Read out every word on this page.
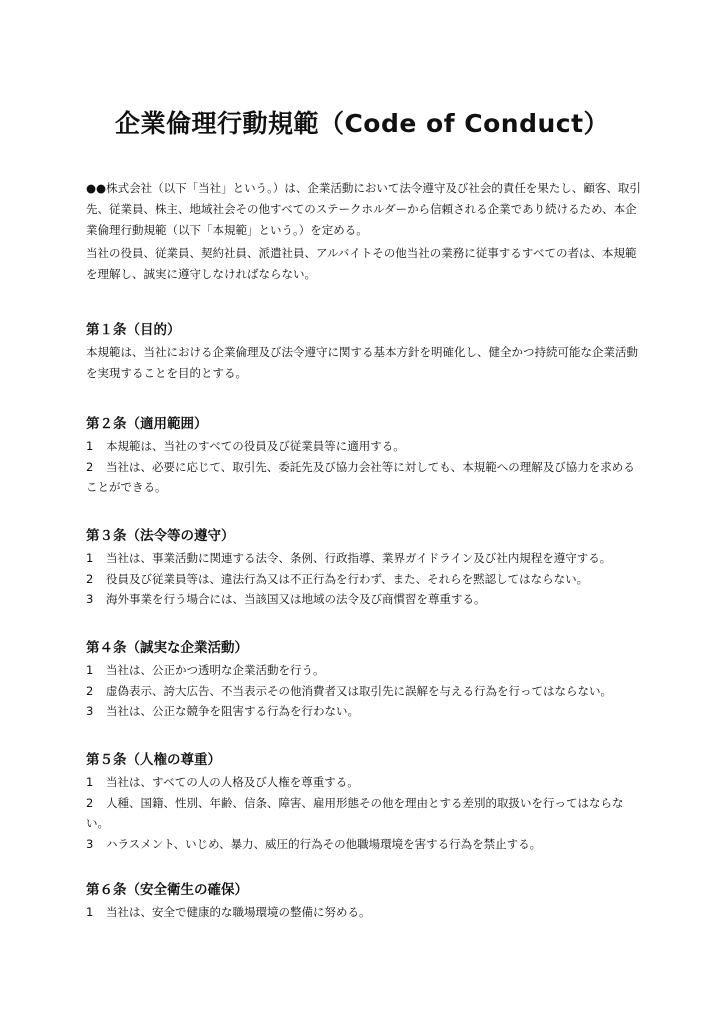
企業倫理行動規範（Code of Conduct）

●●株式会社（以下「当社」という。）は、企業活動において法令遵守及び社会的責任を果たし、顧客、取引先、従業員、株主、地域社会その他すべてのステークホルダーから信頼される企業であり続けるため、本企業倫理行動規範（以下「本規範」という。）を定める。

当社の役員、従業員、契約社員、派遣社員、アルバイトその他当社の業務に従事するすべての者は、本規範を理解し、誠実に遵守しなければならない。

第１条（目的）

本規範は、当社における企業倫理及び法令遵守に関する基本方針を明確化し、健全かつ持続可能な企業活動を実現することを目的とする。

第２条（適用範囲）

1 本規範は、当社のすべての役員及び従業員等に適用する。

2 当社は、必要に応じて、取引先、委託先及び協力会社等に対しても、本規範への理解及び協力を求めることができる。

第３条（法令等の遵守）

1 当社は、事業活動に関連する法令、条例、行政指導、業界ガイドライン及び社内規程を遵守する。

2 役員及び従業員等は、違法行為又は不正行為を行わず、また、それらを黙認してはならない。

3 海外事業を行う場合には、当該国又は地域の法令及び商慣習を尊重する。

第４条（誠実な企業活動）

1 当社は、公正かつ透明な企業活動を行う。

2 虚偽表示、誇大広告、不当表示その他消費者又は取引先に誤解を与える行為を行ってはならない。

3 当社は、公正な競争を阻害する行為を行わない。

第５条（人権の尊重）

1 当社は、すべての人の人格及び人権を尊重する。

2 人種、国籍、性別、年齢、信条、障害、雇用形態その他を理由とする差別的取扱いを行ってはならない。

3 ハラスメント、いじめ、暴力、威圧的行為その他職場環境を害する行為を禁止する。

第６条（安全衛生の確保）

1 当社は、安全で健康的な職場環境の整備に努める。
